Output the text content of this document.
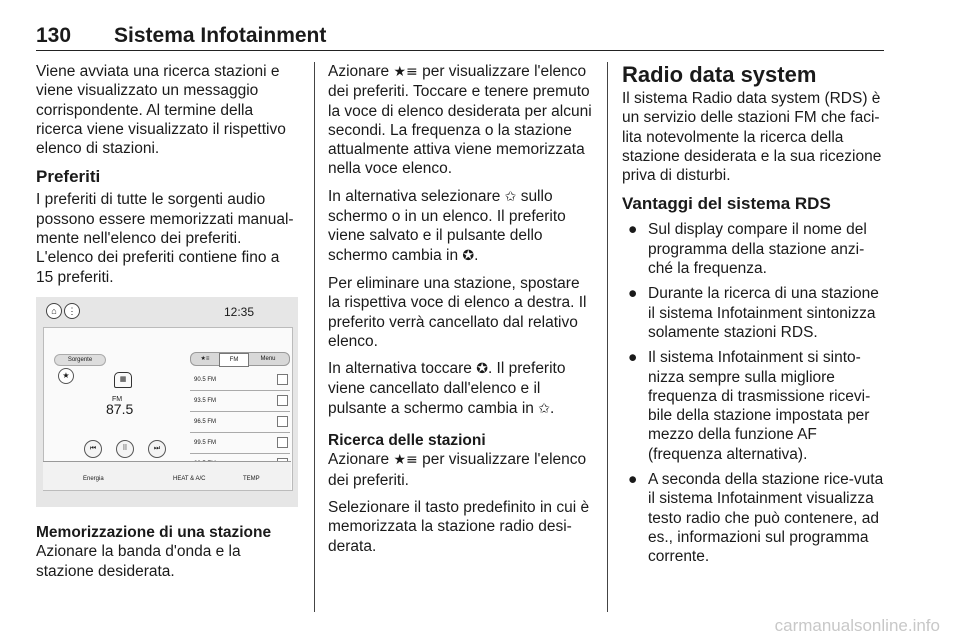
130 Sistema Infotainment

Viene avviata una ricerca stazioni e viene visualizzato un messaggio corrispondente. Al termine della ricerca viene visualizzato il rispettivo elenco di stazioni.

Preferiti

I preferiti di tutte le sorgenti audio possono essere memorizzati manual-mente nell'elenco dei preferiti.

L'elenco dei preferiti contiene fino a 15 preferiti.

⌂	⋮	12:35
Sorgente
★	▦
FM
87.5
★≡	FM	Menu
90.5 FM
93.5 FM
96.5 FM
99.5 FM
⏮	⠿	⏭
Energia	HEAT & A/C	TEMP
Memorizzazione di una stazione

Azionare la banda d'onda e la stazione desiderata.

Azionare ★≡ per visualizzare l'elenco dei preferiti. Toccare e tenere premuto la voce di elenco desiderata per alcuni secondi. La frequenza o la stazione attualmente attiva viene memorizzata nella voce elenco.

In alternativa selezionare ✩ sullo schermo o in un elenco. Il preferito viene salvato e il pulsante dello schermo cambia in ✪.

Per eliminare una stazione, spostare la rispettiva voce di elenco a destra. Il preferito verrà cancellato dal relativo elenco.

In alternativa toccare ✪. Il preferito viene cancellato dall'elenco e il pulsante a schermo cambia in ✩.

Ricerca delle stazioni

Azionare ★≡ per visualizzare l'elenco dei preferiti.

Selezionare il tasto predefinito in cui è memorizzata la stazione radio desi-derata.

Radio data system

Il sistema Radio data system (RDS) è un servizio delle stazioni FM che faci-lita notevolmente la ricerca della stazione desiderata e la sua ricezione priva di disturbi.

Vantaggi del sistema RDS
● Sul display compare il nome del programma della stazione anzi-ché la frequenza.
● Durante la ricerca di una stazione il sistema Infotainment sintonizza solamente stazioni RDS.
● Il sistema Infotainment si sinto-nizza sempre sulla migliore frequenza di trasmissione ricevi-bile della stazione impostata per mezzo della funzione AF (frequenza alternativa).
● A seconda della stazione rice-vuta il sistema Infotainment visualizza testo radio che può contenere, ad es., informazioni sul programma corrente.
carmanualsonline.info
